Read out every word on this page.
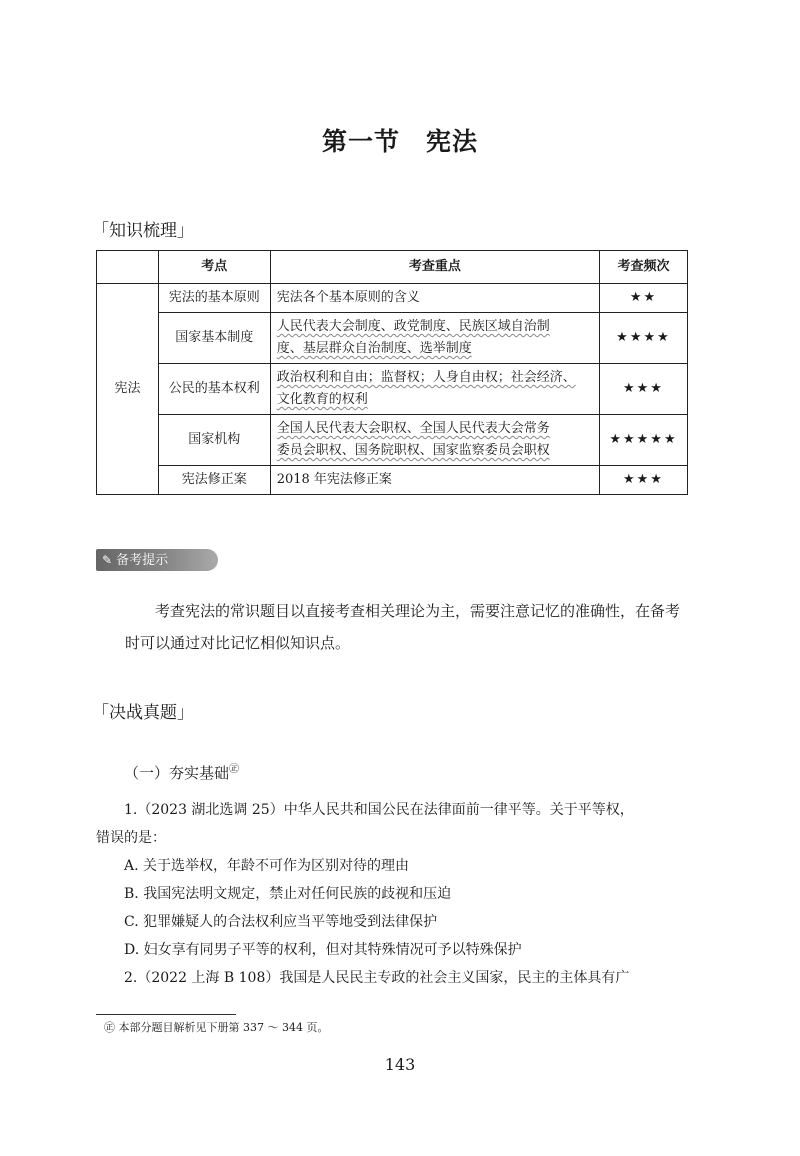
第一节　宪法
「知识梳理」
	考点	考查重点	考查频次
宪法	宪法的基本原则	宪法各个基本原则的含义	★★
	国家基本制度	人民代表大会制度、政党制度、民族区域自治制
度、基层群众自治制度、选举制度	★★★★
	公民的基本权利	政治权利和自由；监督权；人身自由权；社会经济、
文化教育的权利	★★★
	国家机构	全国人民代表大会职权、全国人民代表大会常务
委员会职权、国务院职权、国家监察委员会职权	★★★★★
	宪法修正案	2018 年宪法修正案	★★★
✎ 备考提示
考查宪法的常识题目以直接考查相关理论为主，需要注意记忆的准确性，在备考时可以通过对比记忆相似知识点。
「决战真题」
（一）夯实基础㊣
1.（2023 湖北选调 25）中华人民共和国公民在法律面前一律平等。关于平等权，
错误的是：
A. 关于选举权，年龄不可作为区别对待的理由
B. 我国宪法明文规定，禁止对任何民族的歧视和压迫
C. 犯罪嫌疑人的合法权利应当平等地受到法律保护
D. 妇女享有同男子平等的权利，但对其特殊情况可予以特殊保护
2.（2022 上海 B 108）我国是人民民主专政的社会主义国家，民主的主体具有广
㊣ 本部分题目解析见下册第 337 ～ 344 页。
143
